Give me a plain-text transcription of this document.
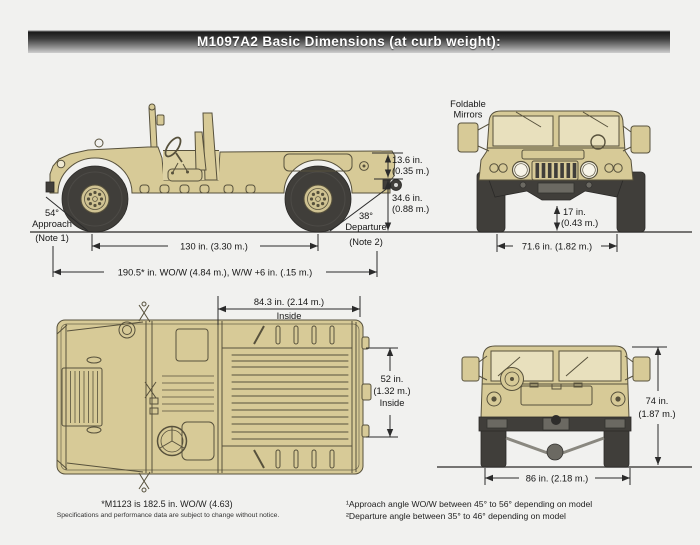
M1097A2 Basic Dimensions (at curb weight):
13.6 in.
(0.35 m.)
34.6 in.
(0.88 m.)
54°
Approach
(Note 1)
38°
Departure
(Note 2)
130 in. (3.30 m.)
190.5* in. WO/W (4.84 m.), W/W +6 in. (.15 m.)
Foldable
Mirrors
17 in.
(0.43 m.)
71.6 in. (1.82 m.)
84.3 in. (2.14 m.)
Inside
52 in.
(1.32 m.)
Inside	74 in.
(1.87 m.)
86 in. (2.18 m.)
*M1123 is 182.5 in. WO/W (4.63)
Specifications and performance data are subject to change without notice.
¹Approach angle WO/W between 45° to 56° depending on model
²Departure angle between 35° to 46° depending on model
